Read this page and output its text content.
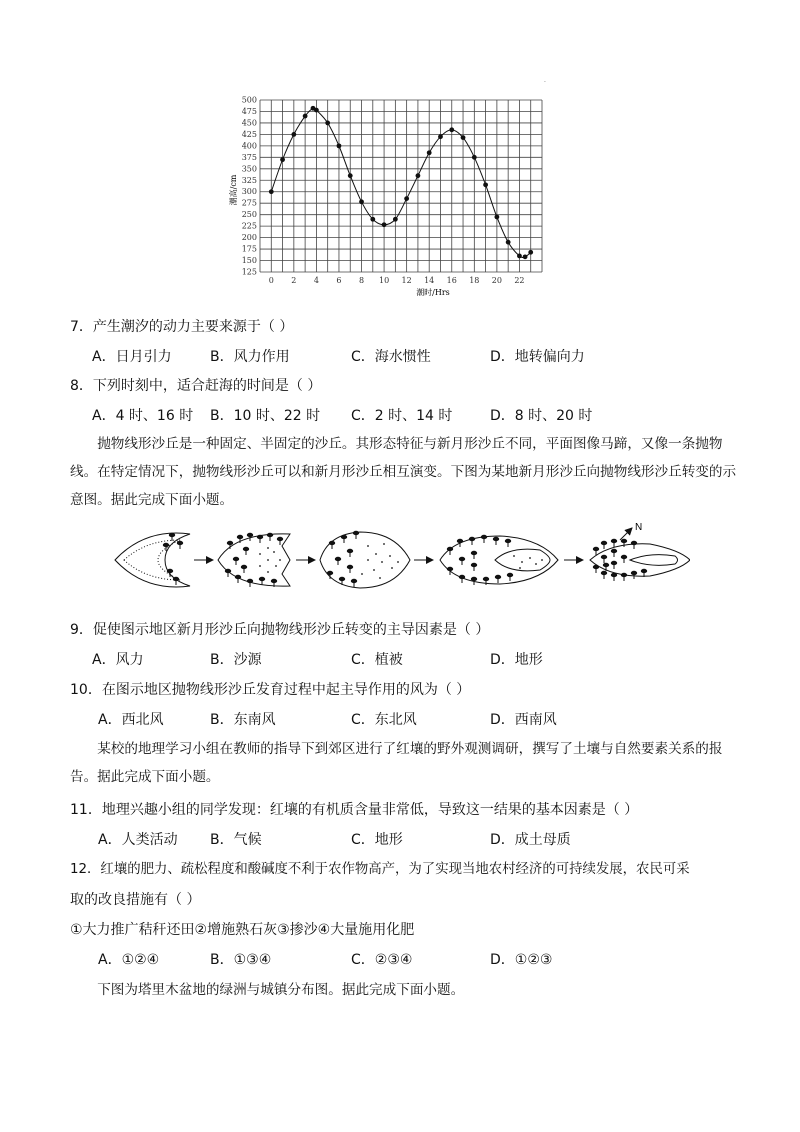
500
475
450
425
400
375
350
325
300
275
250
225
200
175
150
125
0 2 4 6 8 10 12 14 16 18 20 22
潮高/cm
潮时/Hrs
·
7．产生潮汐的动力主要来源于（ ）
A．日月引力	B．风力作用	C．海水惯性	D．地转偏向力
8．下列时刻中，适合赶海的时间是（ ）
A．4 时、16 时 B．10 时、22 时 C．2 时、14 时	D．8 时、20 时
抛物线形沙丘是一种固定、半固定的沙丘。其形态特征与新月形沙丘不同，平面图像马蹄，又像一条抛物线。在特定情况下，抛物线形沙丘可以和新月形沙丘相互演变。下图为某地新月形沙丘向抛物线形沙丘转变的示意图。据此完成下面小题。
N
9．促使图示地区新月形沙丘向抛物线形沙丘转变的主导因素是（ ）
A．风力	B．沙源	C．植被	D．地形
10．在图示地区抛物线形沙丘发育过程中起主导作用的风为（ ）
A．西北风	B．东南风	C．东北风	D．西南风
某校的地理学习小组在教师的指导下到郊区进行了红壤的野外观测调研，撰写了土壤与自然要素关系的报告。据此完成下面小题。
11．地理兴趣小组的同学发现：红壤的有机质含量非常低，导致这一结果的基本因素是（ ）
A．人类活动 B．气候	C．地形	D．成土母质
12．红壤的肥力、疏松程度和酸碱度不利于农作物高产，为了实现当地农村经济的可持续发展，农民可采
取的改良措施有（ ）
①大力推广秸秆还田②增施熟石灰③掺沙④大量施用化肥
A．①②④	B．①③④	C．②③④	D．①②③
下图为塔里木盆地的绿洲与城镇分布图。据此完成下面小题。
